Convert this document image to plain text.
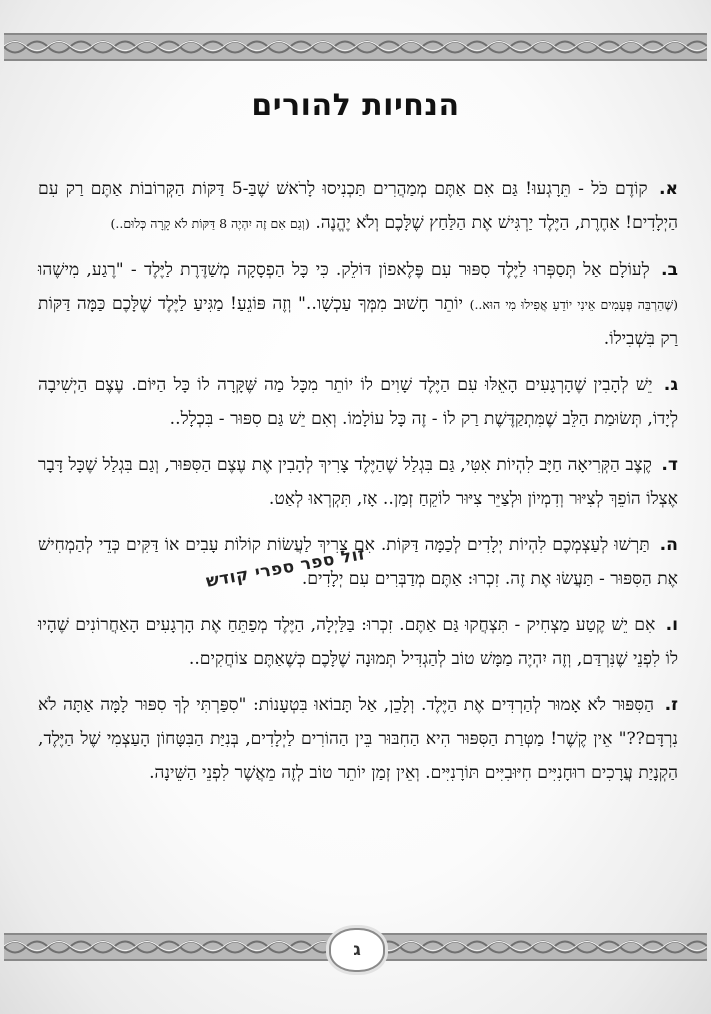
הנחיות להורים

א. קוֹדֶם כֹּל - תֵּרָגְעוּ! גַּם אִם אַתֶּם מְמַהֲרִים תַּכְנִיסוּ לָרֹאשׁ שֶׁבַּ-5 דַּקּוֹת הַקְּרוֹבוֹת אַתֶּם רַק עִם הַיְלָדִים! אַחֶרֶת, הַיֶּלֶד יַרְגִּישׁ אֶת הַלַּחַץ שֶׁלָּכֶם וְלֹא יֶהֱנֶה. (וְגַם אִם זֶה יִהְיֶה 8 דַּקּוֹת לֹא קָרָה כְּלוּם..)

ב. לְעוֹלָם אַל תְּסַפְּרוּ לַיֶּלֶד סִפּוּר עִם פֶּלֶאפוֹן דּוֹלֵק. כִּי כָּל הַפְסָקָה מְשַׁדֶּרֶת לַיֶּלֶד - "רֶגַע, מִישֶׁהוּ (שֶׁהַרְבֵּה פְּעָמִים אֵינִי יוֹדֵעַ אֲפִילוּ מִי הוּא..) יוֹתֵר חָשׁוּב מִמְּךָ עַכְשָׁו.." וְזֶה פּוֹגֵעַ! מַגִּיעַ לַיֶּלֶד שֶׁלָּכֶם כַּמָּה דַּקּוֹת רַק בִּשְׁבִילוֹ.

ג. יֵשׁ לְהָבִין שֶׁהָרְגָעִים הָאֵלּוּ עִם הַיֶּלֶד שָׁוִים לוֹ יוֹתֵר מִכָּל מַה שֶּׁקָּרָה לוֹ כָּל הַיּוֹם. עֶצֶם הַיְשִׁיבָה לְיָדוֹ, תְּשׂוּמַת הַלֵּב שֶׁמִּתְקַדֶּשֶׁת רַק לוֹ - זֶה כָּל עוֹלָמוֹ. וְאִם יֵשׁ גַּם סִפּוּר - בִּכְלָל..

ד. קֶצֶב הַקְּרִיאָה חַיָּב לִהְיוֹת אִטִּי, גַּם בִּגְלַל שֶׁהַיֶּלֶד צָרִיךְ לְהָבִין אֶת עֶצֶם הַסִּפּוּר, וְגַם בִּגְלַל שֶׁכָּל דָּבָר אֶצְלוֹ הוֹפֵךְ לְצִיּוּר וְדִמְיוֹן וּלְצַיֵּר צִיּוּר לוֹקֵחַ זְמַן.. אָז, תִּקְרְאוּ לְאַט.

ה. תַּרְשׁוּ לְעַצְמְכֶם לִהְיוֹת יְלָדִים לְכַמָּה דַּקּוֹת. אִם צָרִיךְ לַעֲשׂוֹת קוֹלוֹת עָבִים אוֹ דַּקִּים כְּדֵי לְהַמְחִישׁ אֶת הַסִּפּוּר - תַּעֲשׂוּ אֶת זֶה. זִכְרוּ: אַתֶּם מְדַבְּרִים עִם יְלָדִים.

ו. אִם יֵשׁ קֶטַע מַצְחִיק - תִּצְחֲקוּ גַּם אַתֶּם. זִכְרוּ: בַּלַּיְלָה, הַיֶּלֶד מְפַתֵּחַ אֶת הָרְגָעִים הָאַחֲרוֹנִים שֶׁהָיוּ לוֹ לִפְנֵי שֶׁנִּרְדַּם, וְזֶה יִהְיֶה מַמָּשׁ טוֹב לְהַגְדִּיל תְּמוּנָה שֶׁלָּכֶם כְּשֶׁאַתֶּם צוֹחֲקִים..

ז. הַסִּפּוּר לֹא אָמוּר לְהַרְדִּים אֶת הַיֶּלֶד. וְלָכֵן, אַל תָּבוֹאוּ בִּטְעָנוֹת: "סִפַּרְתִּי לְךָ סִפּוּר לָמָּה אַתָּה לֹא נִרְדָּם??" אֵין קֶשֶׁר! מַטְּרַת הַסִּפּוּר הִיא הַחִבּוּר בֵּין הַהוֹרִים לַיְלָדִים, בְּנִיַּת הַבִּטָּחוֹן הָעַצְמִי שֶׁל הַיֶּלֶד, הַקְנָיַת עֲרָכִים רוּחָנִיִּים חִיּוּבִיִּים תּוֹרָנִיִּים. וְאֵין זְמַן יוֹתֵר טוֹב לְזֶה מֵאֲשֶׁר לִפְנֵי הַשֵּׁינָה.

זול ספר ספרי קודש
ג
